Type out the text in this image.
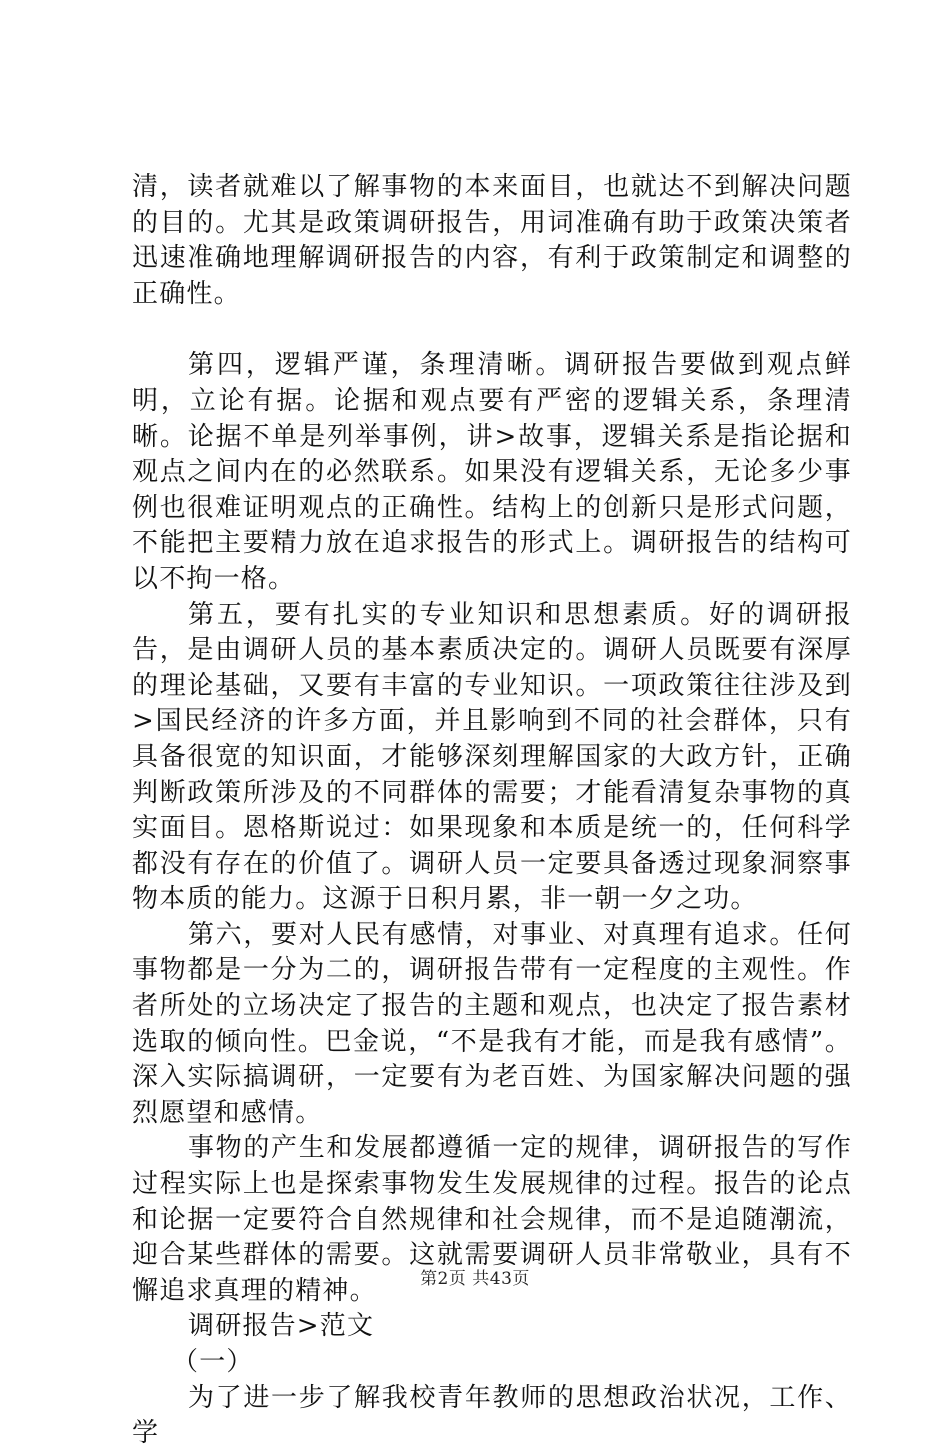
清，读者就难以了解事物的本来面目，也就达不到解决问题的目的。尤其是政策调研报告，用词准确有助于政策决策者迅速准确地理解调研报告的内容，有利于政策制定和调整的正确性。

第四，逻辑严谨，条理清晰。调研报告要做到观点鲜明，立论有据。论据和观点要有严密的逻辑关系，条理清晰。论据不单是列举事例，讲>故事，逻辑关系是指论据和观点之间内在的必然联系。如果没有逻辑关系，无论多少事例也很难证明观点的正确性。结构上的创新只是形式问题，不能把主要精力放在追求报告的形式上。调研报告的结构可以不拘一格。

第五，要有扎实的专业知识和思想素质。好的调研报告，是由调研人员的基本素质决定的。调研人员既要有深厚的理论基础，又要有丰富的专业知识。一项政策往往涉及到>国民经济的许多方面，并且影响到不同的社会群体，只有具备很宽的知识面，才能够深刻理解国家的大政方针，正确判断政策所涉及的不同群体的需要；才能看清复杂事物的真实面目。恩格斯说过：如果现象和本质是统一的，任何科学都没有存在的价值了。调研人员一定要具备透过现象洞察事物本质的能力。这源于日积月累，非一朝一夕之功。

第六，要对人民有感情，对事业、对真理有追求。任何事物都是一分为二的，调研报告带有一定程度的主观性。作者所处的立场决定了报告的主题和观点，也决定了报告素材选取的倾向性。巴金说，“不是我有才能，而是我有感情”。深入实际搞调研，一定要有为老百姓、为国家解决问题的强烈愿望和感情。

事物的产生和发展都遵循一定的规律，调研报告的写作过程实际上也是探索事物发生发展规律的过程。报告的论点和论据一定要符合自然规律和社会规律，而不是追随潮流，迎合某些群体的需要。这就需要调研人员非常敬业，具有不懈追求真理的精神。

调研报告>范文

（一）

为了进一步了解我校青年教师的思想政治状况，工作、学

第2页 共43页
